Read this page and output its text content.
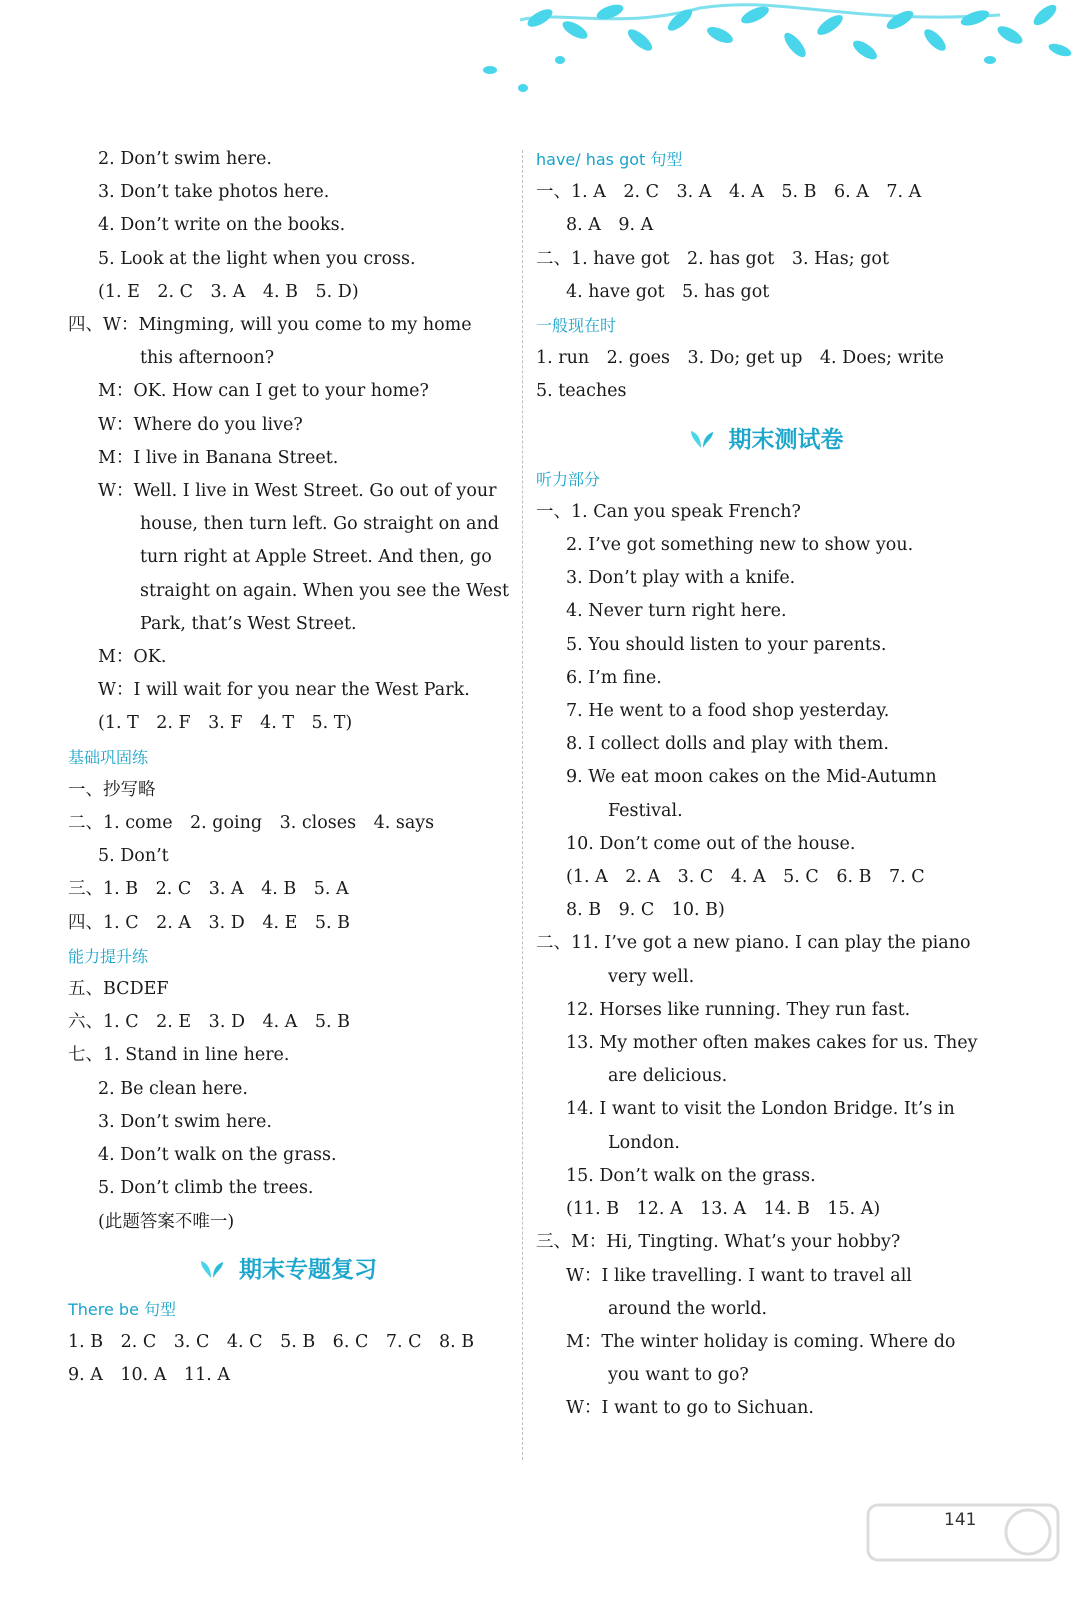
2. Don’t swim here.
3. Don’t take photos here.
4. Don’t write on the books.
5. Look at the light when you cross.
(1. E　2. C　3. A　4. B　5. D)
四、W：Mingming, will you come to my home
this afternoon?
M：OK. How can I get to your home?
W：Where do you live?
M：I live in Banana Street.
W：Well. I live in West Street. Go out of your
house, then turn left. Go straight on and
turn right at Apple Street. And then, go
straight on again. When you see the West
Park, that’s West Street.
M：OK.
W：I will wait for you near the West Park.
(1. T　2. F　3. F　4. T　5. T)
基础巩固练
一、抄写略
二、1. come　2. going　3. closes　4. says
5. Don’t
三、1. B　2. C　3. A　4. B　5. A
四、1. C　2. A　3. D　4. E　5. B
能力提升练
五、BCDEF
六、1. C　2. E　3. D　4. A　5. B
七、1. Stand in line here.
2. Be clean here.
3. Don’t swim here.
4. Don’t walk on the grass.
5. Don’t climb the trees.
(此题答案不唯一)
期末专题复习
There be 句型
1. B　2. C　3. C　4. C　5. B　6. C　7. C　8. B
9. A　10. A　11. A
have/ has got 句型
一、1. A　2. C　3. A　4. A　5. B　6. A　7. A
8. A　9. A
二、1. have got　2. has got　3. Has; got
4. have got　5. has got
一般现在时
1. run　2. goes　3. Do; get up　4. Does; write
5. teaches
期末测试卷
听力部分
一、1. Can you speak French?
2. I’ve got something new to show you.
3. Don’t play with a knife.
4. Never turn right here.
5. You should listen to your parents.
6. I’m fine.
7. He went to a food shop yesterday.
8. I collect dolls and play with them.
9. We eat moon cakes on the Mid-Autumn
Festival.
10. Don’t come out of the house.
(1. A　2. A　3. C　4. A　5. C　6. B　7. C
8. B　9. C　10. B)
二、11. I’ve got a new piano. I can play the piano
very well.
12. Horses like running. They run fast.
13. My mother often makes cakes for us. They
are delicious.
14. I want to visit the London Bridge. It’s in
London.
15. Don’t walk on the grass.
(11. B　12. A　13. A　14. B　15. A)
三、M：Hi, Tingting. What’s your hobby?
W：I like travelling. I want to travel all
around the world.
M：The winter holiday is coming. Where do
you want to go?
W：I want to go to Sichuan.
141
